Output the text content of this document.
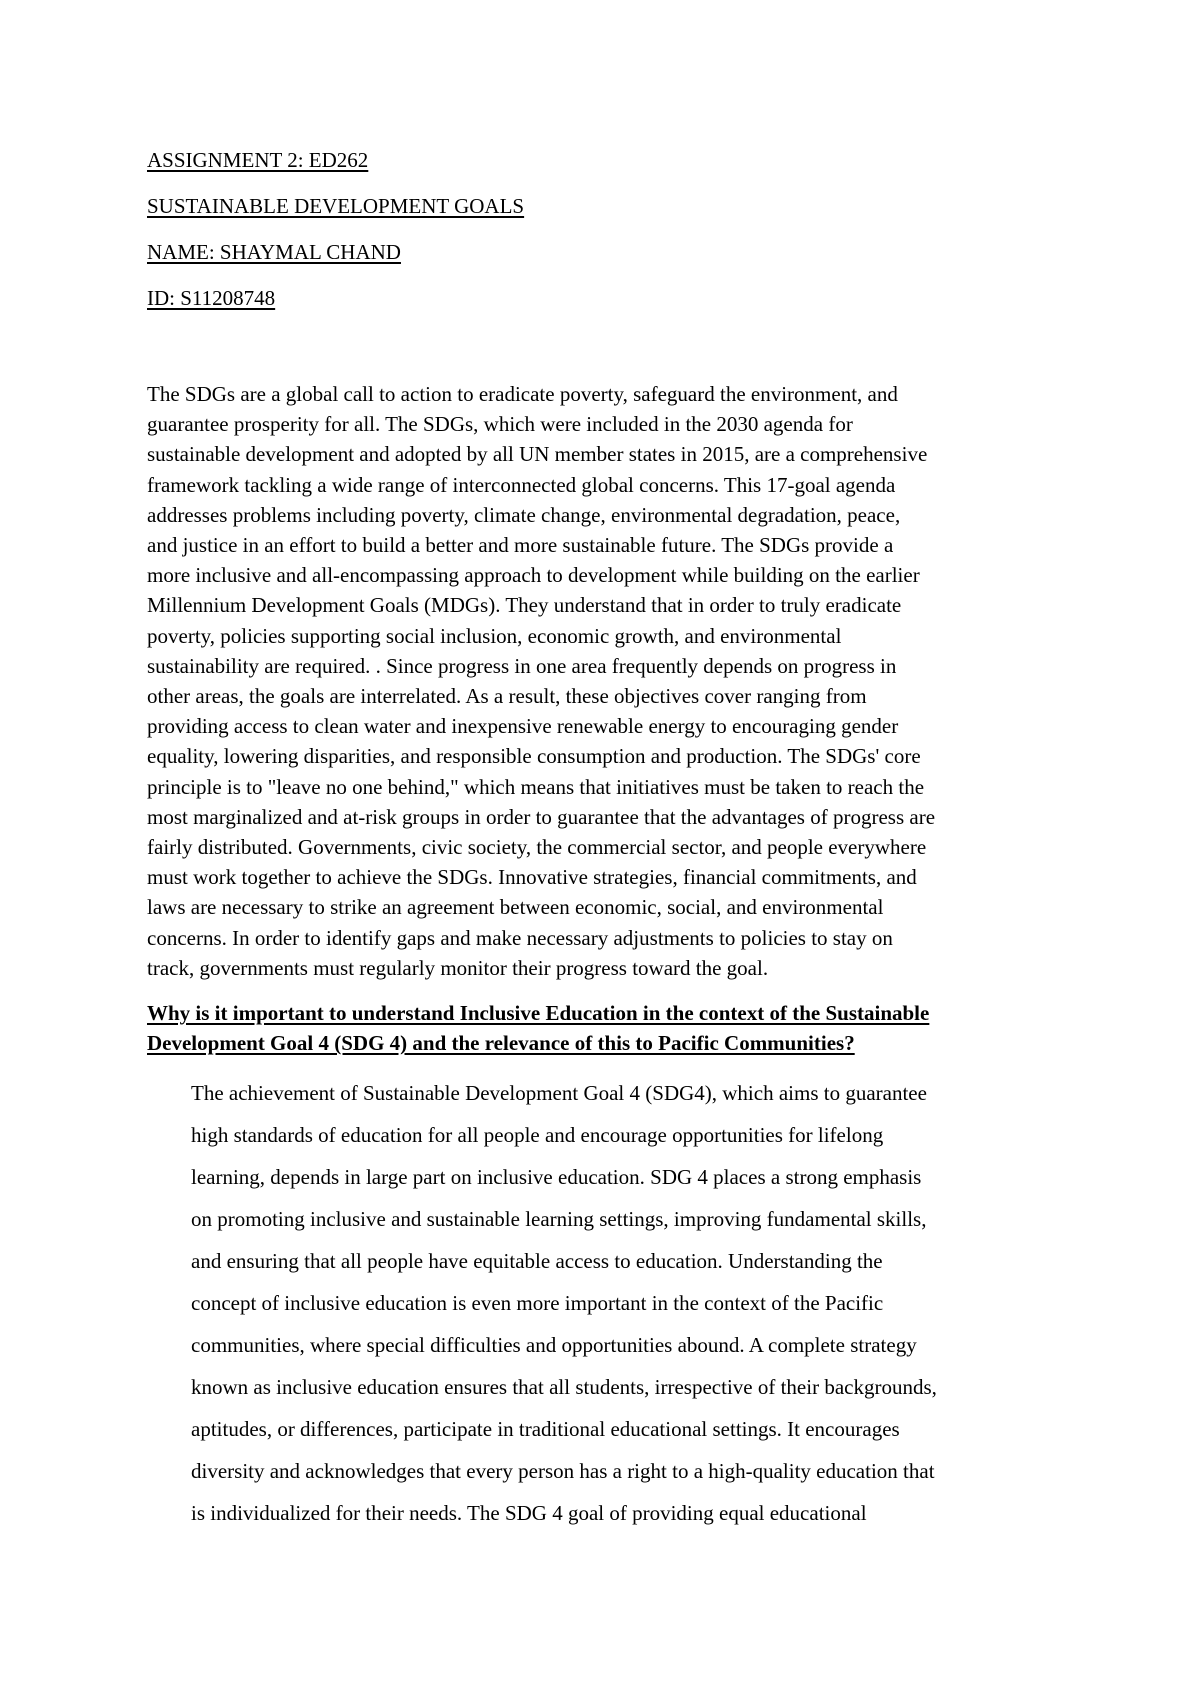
ASSIGNMENT 2: ED262
SUSTAINABLE DEVELOPMENT GOALS
NAME: SHAYMAL CHAND
ID: S11208748

The SDGs are a global call to action to eradicate poverty, safeguard the environment, and
guarantee prosperity for all. The SDGs, which were included in the 2030 agenda for
sustainable development and adopted by all UN member states in 2015, are a comprehensive
framework tackling a wide range of interconnected global concerns. This 17-goal agenda
addresses problems including poverty, climate change, environmental degradation, peace,
and justice in an effort to build a better and more sustainable future. The SDGs provide a
more inclusive and all-encompassing approach to development while building on the earlier
Millennium Development Goals (MDGs). They understand that in order to truly eradicate
poverty, policies supporting social inclusion, economic growth, and environmental
sustainability are required. . Since progress in one area frequently depends on progress in
other areas, the goals are interrelated. As a result, these objectives cover ranging from
providing access to clean water and inexpensive renewable energy to encouraging gender
equality, lowering disparities, and responsible consumption and production. The SDGs' core
principle is to "leave no one behind," which means that initiatives must be taken to reach the
most marginalized and at-risk groups in order to guarantee that the advantages of progress are
fairly distributed. Governments, civic society, the commercial sector, and people everywhere
must work together to achieve the SDGs. Innovative strategies, financial commitments, and
laws are necessary to strike an agreement between economic, social, and environmental
concerns. In order to identify gaps and make necessary adjustments to policies to stay on
track, governments must regularly monitor their progress toward the goal.

Why is it important to understand Inclusive Education in the context of the Sustainable
Development Goal 4 (SDG 4) and the relevance of this to Pacific Communities?

The achievement of Sustainable Development Goal 4 (SDG4), which aims to guarantee
high standards of education for all people and encourage opportunities for lifelong
learning, depends in large part on inclusive education. SDG 4 places a strong emphasis
on promoting inclusive and sustainable learning settings, improving fundamental skills,
and ensuring that all people have equitable access to education. Understanding the
concept of inclusive education is even more important in the context of the Pacific
communities, where special difficulties and opportunities abound. A complete strategy
known as inclusive education ensures that all students, irrespective of their backgrounds,
aptitudes, or differences, participate in traditional educational settings. It encourages
diversity and acknowledges that every person has a right to a high-quality education that
is individualized for their needs. The SDG 4 goal of providing equal educational
